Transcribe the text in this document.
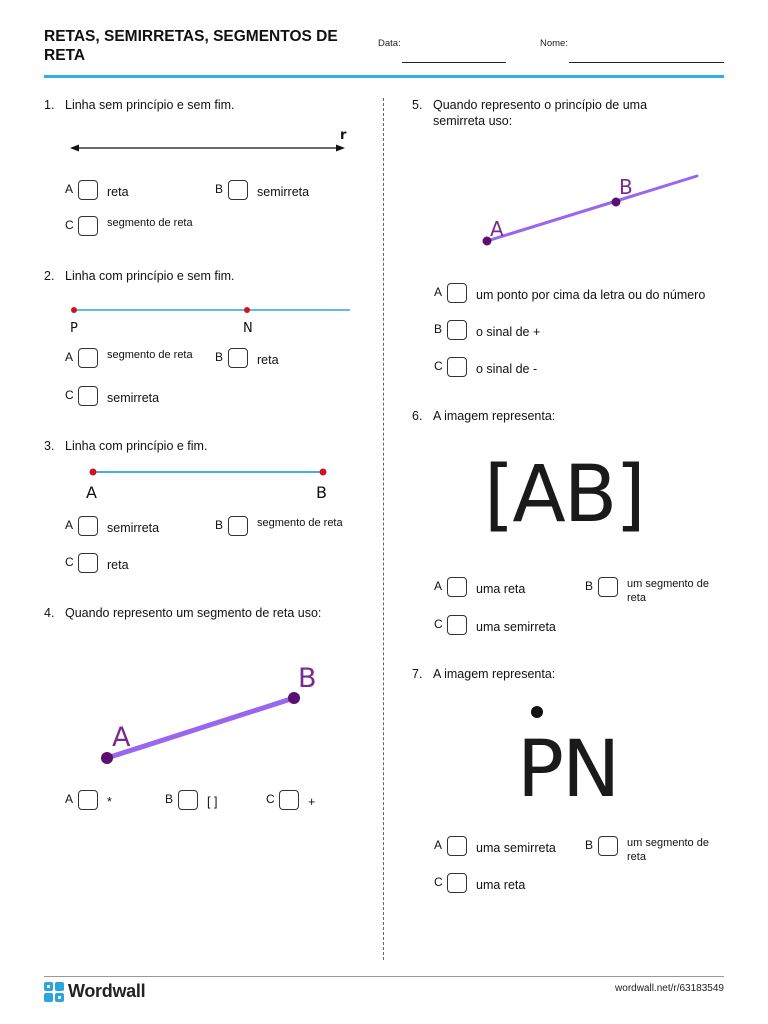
RETAS, SEMIRRETAS, SEGMENTOS DE RETA
Data:	Nome:
1. Linha sem princípio e sem fim.
r
A	reta	B	semirreta
C	segmento de reta
2. Linha com princípio e sem fim.
P	N
A	segmento de reta B	reta
C	semirreta
3. Linha com princípio e fim.
A	B
A	semirreta	B	segmento de reta
C	reta
4. Quando represento um segmento de reta uso:
A
B
A	*	B	[ ]	C	+
5. Quando represento o princípio de uma semirreta uso:
A
B
A	um ponto por cima da letra ou do número
B	o sinal de +
C	o sinal de -
6. A imagem representa:
[AB]
A	uma reta	B	um segmento de reta
C	uma semirreta
7. A imagem representa:
PN
A	uma semirreta B	um segmento de reta
C	uma reta
Wordwall	wordwall.net/r/63183549
